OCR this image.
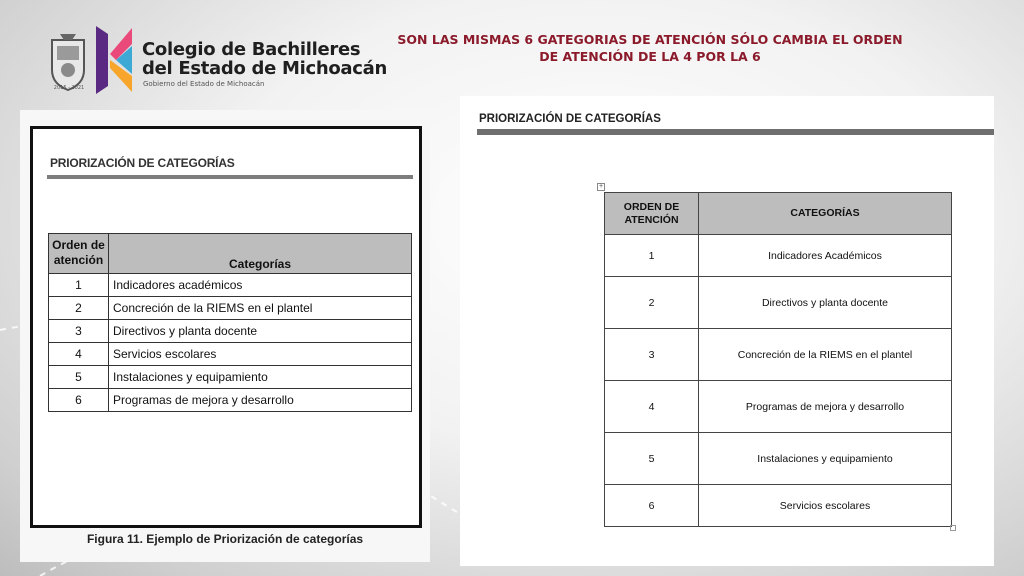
2015 - 2021
Colegio de Bachilleres
del Estado de Michoacán
Gobierno del Estado de Michoacán
SON LAS MISMAS 6 GATEGORIAS DE ATENCIÓN SÓLO CAMBIA EL ORDEN
DE ATENCIÓN DE LA 4 POR LA 6
PRIORIZACIÓN DE CATEGORÍAS
Orden de
atención	Categorías
1	Indicadores académicos
2	Concreción de la RIEMS en el plantel
3	Directivos y planta docente
4	Servicios escolares
5	Instalaciones y equipamiento
6	Programas de mejora y desarrollo
Figura 11. Ejemplo de Priorización de categorías
PRIORIZACIÓN DE CATEGORÍAS
+
ORDEN DE
ATENCIÓN	CATEGORÍAS
1	Indicadores Académicos
2	Directivos y planta docente
3	Concreción de la RIEMS en el plantel
4	Programas de mejora y desarrollo
5	Instalaciones y equipamiento
6	Servicios escolares
